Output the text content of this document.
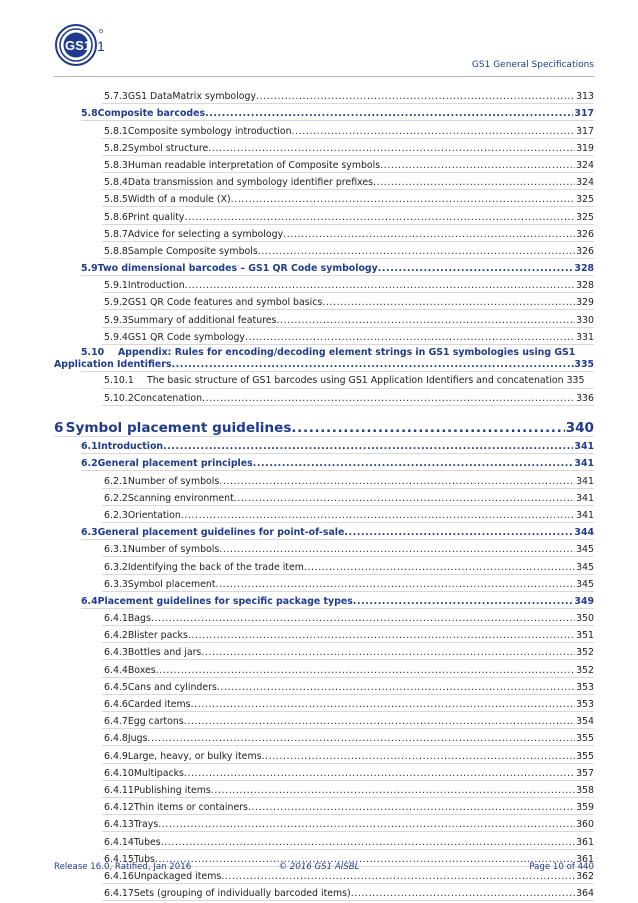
GS1 1
GS1 General Specifications
5.7.3 GS1 DataMatrix symbology .....	313
5.8 Composite barcodes .....	317
5.8.1 Composite symbology introduction .....	317
5.8.2 Symbol structure .....	319
5.8.3 Human readable interpretation of Composite symbols .....	324
5.8.4 Data transmission and symbology identifier prefixes .....	324
5.8.5 Width of a module (X) .....	325
5.8.6 Print quality .....	325
5.8.7 Advice for selecting a symbology .....	326
5.8.8 Sample Composite symbols .....	326
5.9 Two dimensional barcodes – GS1 QR Code symbology .....	328
5.9.1 Introduction .....	328
5.9.2 GS1 QR Code features and symbol basics .....	329
5.9.3 Summary of additional features .....	330
5.9.4 GS1 QR Code symbology .....	331
5.10	Appendix: Rules for encoding/decoding element strings in GS1 symbologies using GS1
Application Identifiers .....	335
5.10.1	The basic structure of GS1 barcodes using GS1 Application Identifiers and concatenation 335
5.10.2 Concatenation .....	336
6 Symbol placement guidelines .....	340
6.1 Introduction .....	341
6.2 General placement principles .....	341
6.2.1 Number of symbols .....	341
6.2.2 Scanning environment .....	341
6.2.3 Orientation .....	341
6.3 General placement guidelines for point-of-sale .....	344
6.3.1 Number of symbols .....	345
6.3.2 Identifying the back of the trade item .....	345
6.3.3 Symbol placement .....	345
6.4 Placement guidelines for specific package types .....	349
6.4.1 Bags .....	350
6.4.2 Blister packs .....	351
6.4.3 Bottles and jars .....	352
6.4.4 Boxes .....	352
6.4.5 Cans and cylinders .....	353
6.4.6 Carded items .....	353
6.4.7 Egg cartons .....	354
6.4.8 Jugs .....	355
6.4.9 Large, heavy, or bulky items .....	355
6.4.10 Multipacks .....	357
6.4.11 Publishing items .....	358
6.4.12 Thin items or containers .....	359
6.4.13 Trays .....	360
6.4.14 Tubes .....	361
6.4.15 Tubs .....	361
6.4.16 Unpackaged items .....	362
6.4.17 Sets (grouping of individually barcoded items) .....	364
Release 16.0, Ratified, Jan 2016	© 2016 GS1 AISBL	Page 10 of 440
